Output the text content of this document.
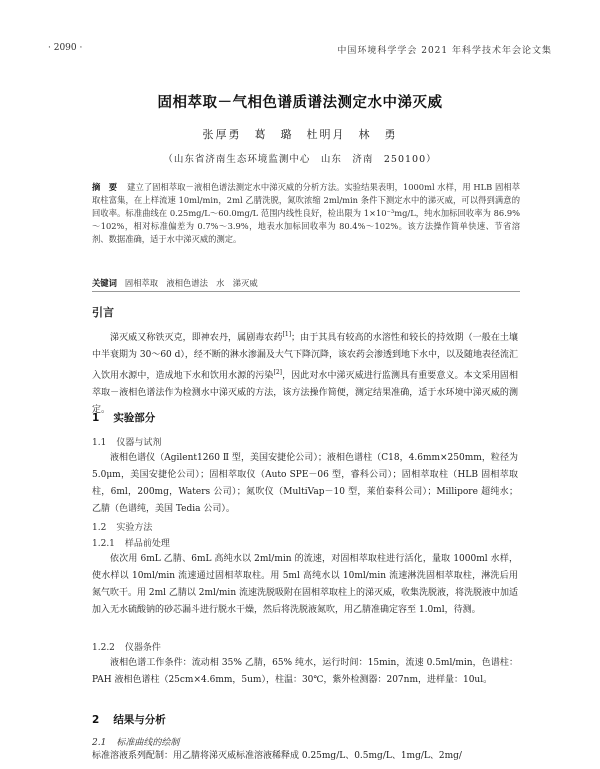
· 2090 ·	中国环境科学学会 2021 年科学技术年会论文集
固相萃取－气相色谱质谱法测定水中涕灭威
张厚勇　葛　璐　杜明月　林　勇
（山东省济南生态环境监测中心　山东　济南　250100）
摘　要 建立了固相萃取－液相色谱法测定水中涕灭威的分析方法。实验结果表明，1000ml 水样，用 HLB 固相萃取柱富集，在上样流速 10ml/min，2ml 乙腈洗脱，氮吹浓缩 2ml/min 条件下测定水中的涕灭威，可以得到满意的回收率。标准曲线在 0.25mg/L～60.0mg/L 范围内线性良好，检出限为 1×10⁻³mg/L，纯水加标回收率为 86.9%～102%，相对标准偏差为 0.7%～3.9%，地表水加标回收率为 80.4%～102%。该方法操作简单快速、节省溶剂、数据准确，适于水中涕灭威的测定。
关键词 固相萃取　液相色谱法　水　涕灭威
引言
涕灭威又称铁灭克，即神农丹，属剧毒农药[1]；由于其具有较高的水溶性和较长的持效期（一般在土壤中半衰期为 30～60 d），经不断的淋水渗漏及大气下降沉降，该农药会渗透到地下水中，以及随地表径流汇入饮用水源中，造成地下水和饮用水源的污染[2]，因此对水中涕灭威进行监测具有重要意义。本文采用固相萃取－液相色谱法作为检测水中涕灭威的方法，该方法操作简便，测定结果准确，适于水环境中涕灭威的测定。
1 实验部分
1.1 仪器与试剂
液相色谱仪（Agilent1260 Ⅱ 型，美国安捷伦公司）；液相色谱柱（C18，4.6mm×250mm，粒径为 5.0μm，美国安捷伦公司）；固相萃取仪（Auto SPE－06 型，睿科公司）；固相萃取柱（HLB 固相萃取柱，6ml，200mg，Waters 公司）；氮吹仪（MultiVap－10 型，莱伯泰科公司）；Millipore 超纯水；乙腈（色谱纯，美国 Tedia 公司）。
1.2 实验方法
1.2.1 样品前处理
依次用 6mL 乙腈、6mL 高纯水以 2ml/min 的流速，对固相萃取柱进行活化，量取 1000ml 水样，使水样以 10ml/min 流速通过固相萃取柱。用 5ml 高纯水以 10ml/min 流速淋洗固相萃取柱，淋洗后用氮气吹干。用 2ml 乙腈以 2ml/min 流速洗脱吸附在固相萃取柱上的涕灭威，收集洗脱液，将洗脱液中加适加入无水硫酸钠的砂芯漏斗进行脱水干燥，然后将洗脱液氮吹，用乙腈准确定容至 1.0ml，待测。
1.2.2 仪器条件
液相色谱工作条件：流动相 35% 乙腈，65% 纯水，运行时间：15min，流速 0.5ml/min，色谱柱：PAH 液相色谱柱（25cm×4.6mm，5um），柱温：30℃，紫外检测器：207nm，进样量：10ul。
2 结果与分析
2.1 标准曲线的绘制
标准溶液系列配制：用乙腈将涕灭威标准溶液稀释成 0.25mg/L、0.5mg/L、1mg/L、2mg/
